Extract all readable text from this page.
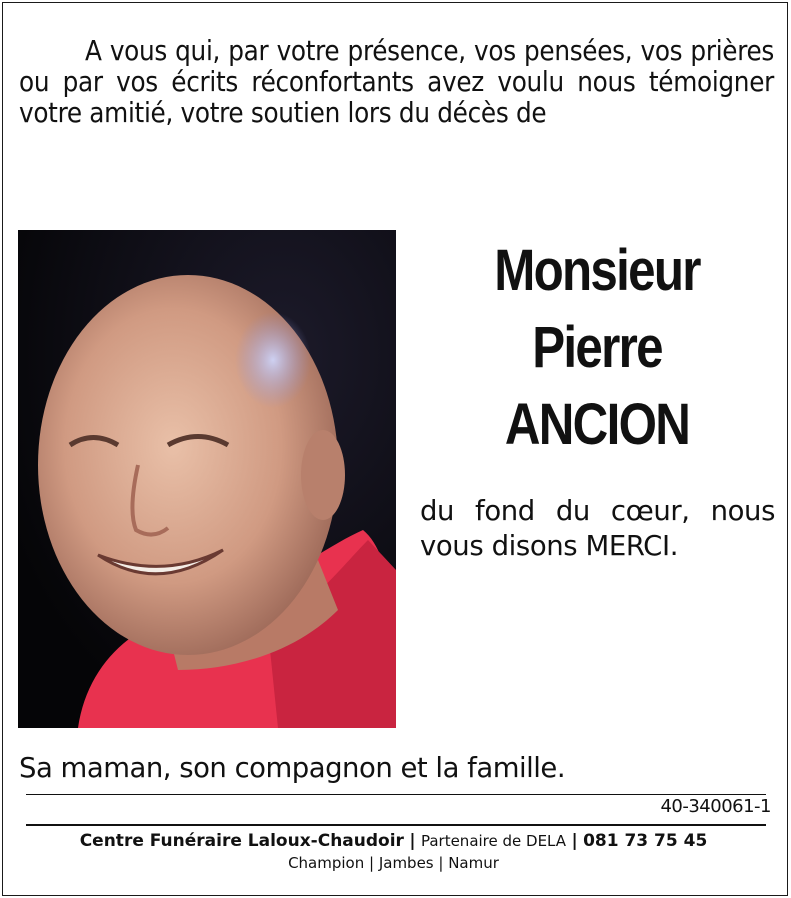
A vous qui, par votre présence, vos pensées, vos prières ou par vos écrits réconfortants avez voulu nous témoigner votre amitié, votre soutien lors du décès de
Monsieur
Pierre
ANCION
du fond du cœur, nous vous disons MERCI.
Sa maman, son compagnon et la famille.
40-340061-1
Centre Funéraire Laloux-Chaudoir | Partenaire de DELA | 081 73 75 45
Champion | Jambes | Namur
